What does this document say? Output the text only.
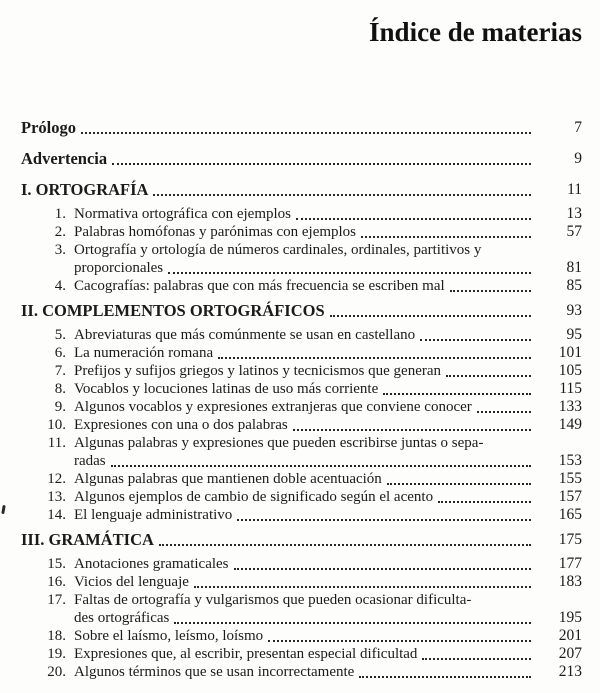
Índice de materias
Prólogo	7
Advertencia	9
I. ORTOGRAFÍA	11
1. Normativa ortográfica con ejemplos	13
2. Palabras homófonas y parónimas con ejemplos	57
3. Ortografía y ortología de números cardinales, ordinales, partitivos y
proporcionales	81
4. Cacografías: palabras que con más frecuencia se escriben mal	85
II. COMPLEMENTOS ORTOGRÁFICOS	93
5. Abreviaturas que más comúnmente se usan en castellano	95
6. La numeración romana	101
7. Prefijos y sufijos griegos y latinos y tecnicismos que generan	105
8. Vocablos y locuciones latinas de uso más corriente	115
9. Algunos vocablos y expresiones extranjeras que conviene conocer	133
10. Expresiones con una o dos palabras	149
11. Algunas palabras y expresiones que pueden escribirse juntas o sepa-
radas	153
12. Algunas palabras que mantienen doble acentuación	155
13. Algunos ejemplos de cambio de significado según el acento	157
14. El lenguaje administrativo	165
III. GRAMÁTICA	175
15. Anotaciones gramaticales	177
16. Vicios del lenguaje	183
17. Faltas de ortografía y vulgarismos que pueden ocasionar dificulta-
des ortográficas	195
18. Sobre el laísmo, leísmo, loísmo	201
19. Expresiones que, al escribir, presentan especial dificultad	207
20. Algunos términos que se usan incorrectamente	213
